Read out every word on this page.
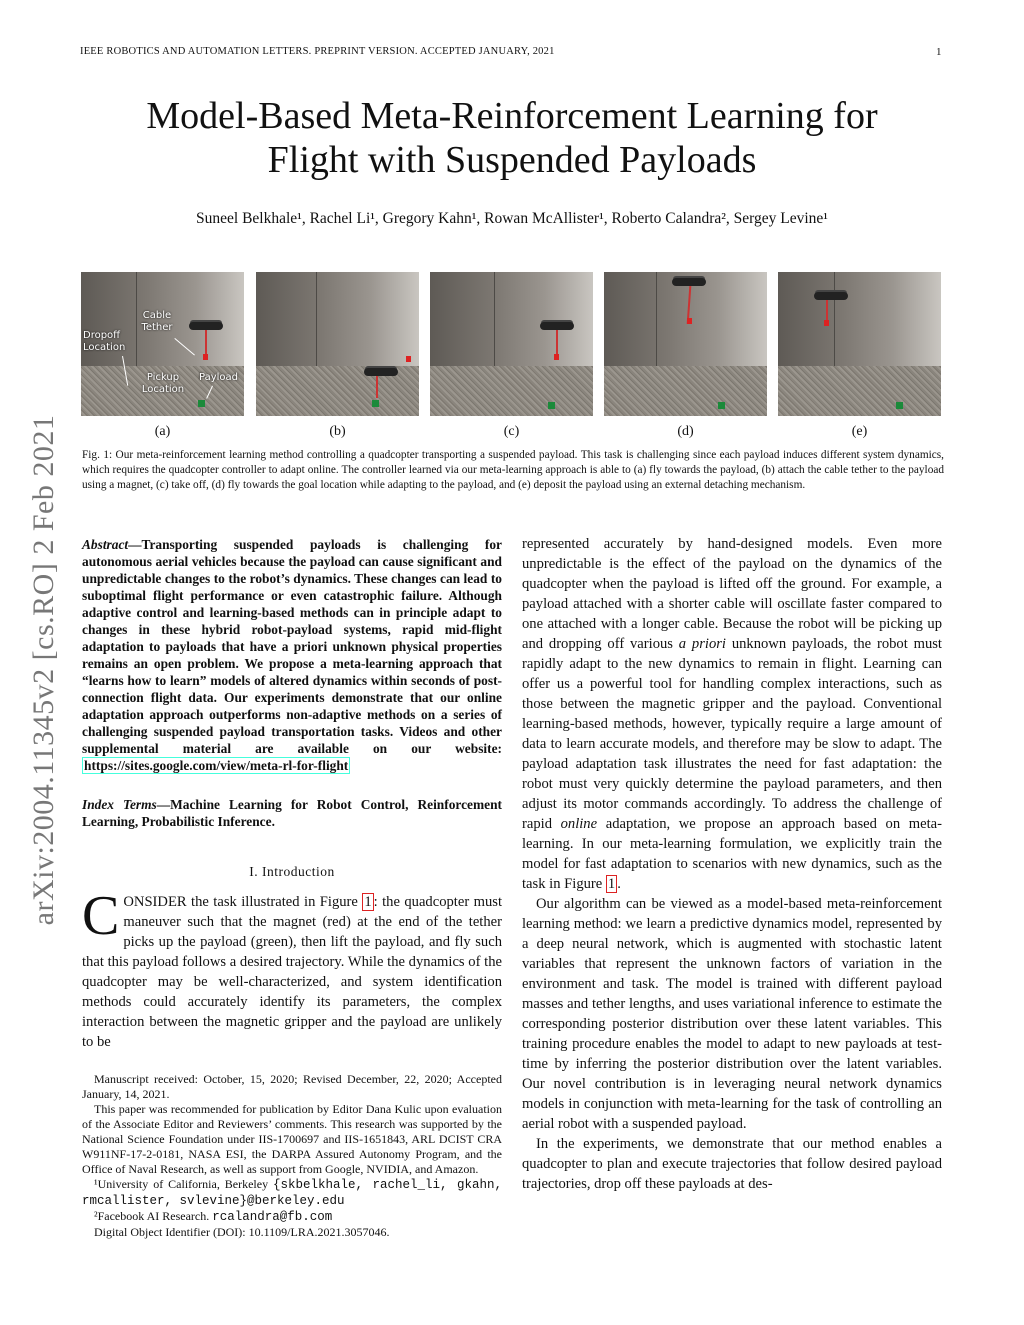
IEEE ROBOTICS AND AUTOMATION LETTERS. PREPRINT VERSION. ACCEPTED JANUARY, 2021	1
arXiv:2004.11345v2 [cs.RO] 2 Feb 2021
Model-Based Meta-Reinforcement Learning for
Flight with Suspended Payloads
Suneel Belkhale¹, Rachel Li¹, Gregory Kahn¹, Rowan McAllister¹, Roberto Calandra², Sergey Levine¹
Cable Tether
Dropoff Location
Pickup Location
Payload
(a)	(b)	(c)	(d)	(e)
Fig. 1: Our meta-reinforcement learning method controlling a quadcopter transporting a suspended payload. This task is challenging since each payload induces different system dynamics, which requires the quadcopter controller to adapt online. The controller learned via our meta-learning approach is able to (a) fly towards the payload, (b) attach the cable tether to the payload using a magnet, (c) take off, (d) fly towards the goal location while adapting to the payload, and (e) deposit the payload using an external detaching mechanism.
Abstract—Transporting suspended payloads is challenging for autonomous aerial vehicles because the payload can cause significant and unpredictable changes to the robot’s dynamics. These changes can lead to suboptimal flight performance or even catastrophic failure. Although adaptive control and learning-based methods can in principle adapt to changes in these hybrid robot-payload systems, rapid mid-flight adaptation to payloads that have a priori unknown physical properties remains an open problem. We propose a meta-learning approach that “learns how to learn” models of altered dynamics within seconds of post-connection flight data. Our experiments demonstrate that our online adaptation approach outperforms non-adaptive methods on a series of challenging suspended payload transportation tasks. Videos and other supplemental material are available on our website: https://sites.google.com/view/meta-rl-for-flight
Index Terms—Machine Learning for Robot Control, Reinforcement Learning, Probabilistic Inference.
I. Introduction
CONSIDER the task illustrated in Figure 1 : the quadcopter must maneuver such that the magnet (red) at the end of the tether picks up the payload (green), then lift the payload, and fly such that this payload follows a desired trajectory. While the dynamics of the quadcopter may be well-characterized, and system identification methods could accurately identify its parameters, the complex interaction between the magnetic gripper and the payload are unlikely to be

Manuscript received: October, 15, 2020; Revised December, 22, 2020; Accepted January, 14, 2021.

This paper was recommended for publication by Editor Dana Kulic upon evaluation of the Associate Editor and Reviewers’ comments. This research was supported by the National Science Foundation under IIS-1700697 and IIS-1651843, ARL DCIST CRA W911NF-17-2-0181, NASA ESI, the DARPA Assured Autonomy Program, and the Office of Naval Research, as well as support from Google, NVIDIA, and Amazon.

¹University of California, Berkeley {skbelkhale, rachel_li, gkahn, rmcallister, svlevine}@berkeley.edu

²Facebook AI Research. rcalandra@fb.com

Digital Object Identifier (DOI): 10.1109/LRA.2021.3057046.

represented accurately by hand-designed models. Even more unpredictable is the effect of the payload on the dynamics of the quadcopter when the payload is lifted off the ground. For example, a payload attached with a shorter cable will oscillate faster compared to one attached with a longer cable. Because the robot will be picking up and dropping off various a priori unknown payloads, the robot must rapidly adapt to the new dynamics to remain in flight. Learning can offer us a powerful tool for handling complex interactions, such as those between the magnetic gripper and the payload. Conventional learning-based methods, however, typically require a large amount of data to learn accurate models, and therefore may be slow to adapt. The payload adaptation task illustrates the need for fast adaptation: the robot must very quickly determine the payload parameters, and then adjust its motor commands accordingly. To address the challenge of rapid online adaptation, we propose an approach based on meta-learning. In our meta-learning formulation, we explicitly train the model for fast adaptation to scenarios with new dynamics, such as the task in Figure 1 .

Our algorithm can be viewed as a model-based meta-reinforcement learning method: we learn a predictive dynamics model, represented by a deep neural network, which is augmented with stochastic latent variables that represent the unknown factors of variation in the environment and task. The model is trained with different payload masses and tether lengths, and uses variational inference to estimate the corresponding posterior distribution over these latent variables. This training procedure enables the model to adapt to new payloads at test-time by inferring the posterior distribution over the latent variables. Our novel contribution is in leveraging neural network dynamics models in conjunction with meta-learning for the task of controlling an aerial robot with a suspended payload.

In the experiments, we demonstrate that our method enables a quadcopter to plan and execute trajectories that follow desired payload trajectories, drop off these payloads at des-
